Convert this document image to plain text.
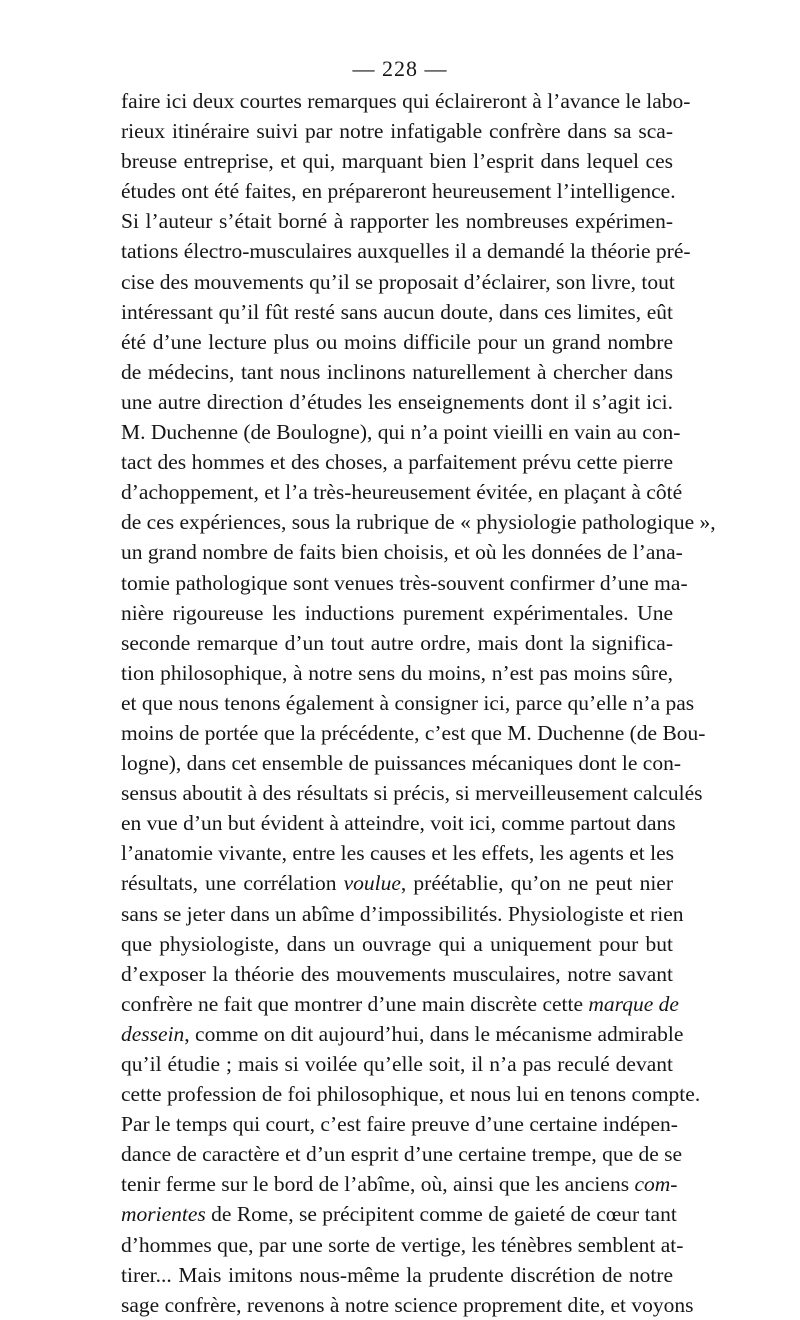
— 228 —
faire ici deux courtes remarques qui éclaireront à l’avance le labo-
rieux itinéraire suivi par notre infatigable confrère dans sa sca-
breuse entreprise, et qui, marquant bien l’esprit dans lequel ces
études ont été faites, en prépareront heureusement l’intelligence.
Si l’auteur s’était borné à rapporter les nombreuses expérimen-
tations électro-musculaires auxquelles il a demandé la théorie pré-
cise des mouvements qu’il se proposait d’éclairer, son livre, tout
intéressant qu’il fût resté sans aucun doute, dans ces limites, eût
été d’une lecture plus ou moins difficile pour un grand nombre
de médecins, tant nous inclinons naturellement à chercher dans
une autre direction d’études les enseignements dont il s’agit ici.
M. Duchenne (de Boulogne), qui n’a point vieilli en vain au con-
tact des hommes et des choses, a parfaitement prévu cette pierre
d’achoppement, et l’a très-heureusement évitée, en plaçant à côté
de ces expériences, sous la rubrique de « physiologie pathologique »,
un grand nombre de faits bien choisis, et où les données de l’ana-
tomie pathologique sont venues très-souvent confirmer d’une ma-
nière rigoureuse les inductions purement expérimentales. Une
seconde remarque d’un tout autre ordre, mais dont la significa-
tion philosophique, à notre sens du moins, n’est pas moins sûre,
et que nous tenons également à consigner ici, parce qu’elle n’a pas
moins de portée que la précédente, c’est que M. Duchenne (de Bou-
logne), dans cet ensemble de puissances mécaniques dont le con-
sensus aboutit à des résultats si précis, si merveilleusement calculés
en vue d’un but évident à atteindre, voit ici, comme partout dans
l’anatomie vivante, entre les causes et les effets, les agents et les
résultats, une corrélation voulue, préétablie, qu’on ne peut nier
sans se jeter dans un abîme d’impossibilités. Physiologiste et rien
que physiologiste, dans un ouvrage qui a uniquement pour but
d’exposer la théorie des mouvements musculaires, notre savant
confrère ne fait que montrer d’une main discrète cette marque de
dessein, comme on dit aujourd’hui, dans le mécanisme admirable
qu’il étudie ; mais si voilée qu’elle soit, il n’a pas reculé devant
cette profession de foi philosophique, et nous lui en tenons compte.
Par le temps qui court, c’est faire preuve d’une certaine indépen-
dance de caractère et d’un esprit d’une certaine trempe, que de se
tenir ferme sur le bord de l’abîme, où, ainsi que les anciens com-
morientes de Rome, se précipitent comme de gaieté de cœur tant
d’hommes que, par une sorte de vertige, les ténèbres semblent at-
tirer... Mais imitons nous-même la prudente discrétion de notre
sage confrère, revenons à notre science proprement dite, et voyons
